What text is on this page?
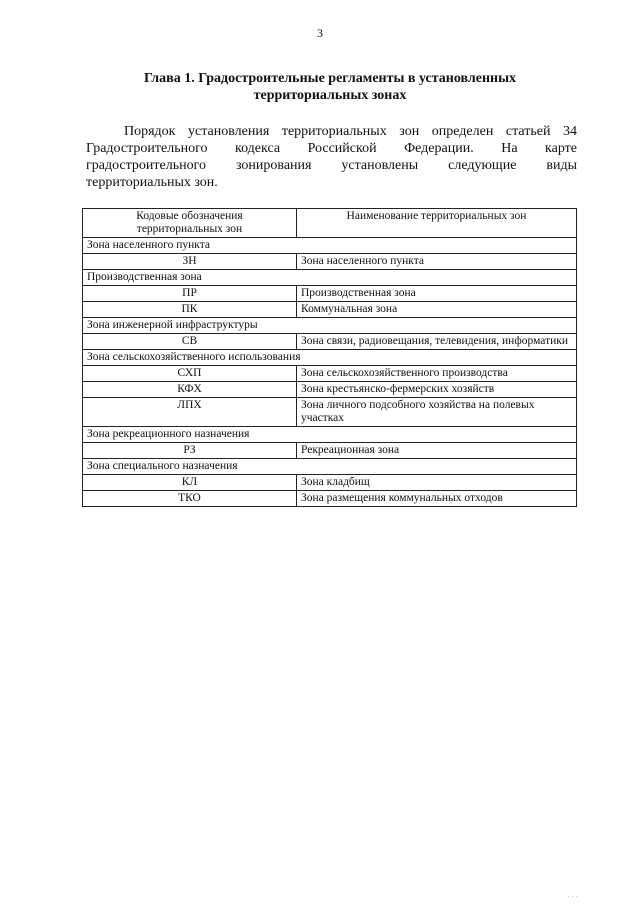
3
Глава 1. Градостроительные регламенты в установленных
территориальных зонах
Порядок установления территориальных зон определен статьей 34
Градостроительного кодекса Российской Федерации. На карте
градостроительного зонирования установлены следующие виды
территориальных зон.
Кодовые обозначения
территориальных зон	Наименование территориальных зон
Зона населенного пункта	
ЗН	Зона населенного пункта
Производственная зона	
ПР	Производственная зона
ПК	Коммунальная зона
Зона инженерной инфраструктуры	
СВ	Зона связи, радиовещания, телевидения, информатики
Зона сельскохозяйственного использования	
СХП	Зона сельскохозяйственного производства
КФХ	Зона крестьянско-фермерских хозяйств
ЛПХ	Зона личного подсобного хозяйства на полевых участках
Зона рекреационного назначения	
РЗ	Рекреационная зона
Зона специального назначения	
КЛ	Зона кладбищ
ТКО	Зона размещения коммунальных отходов
· · ·
